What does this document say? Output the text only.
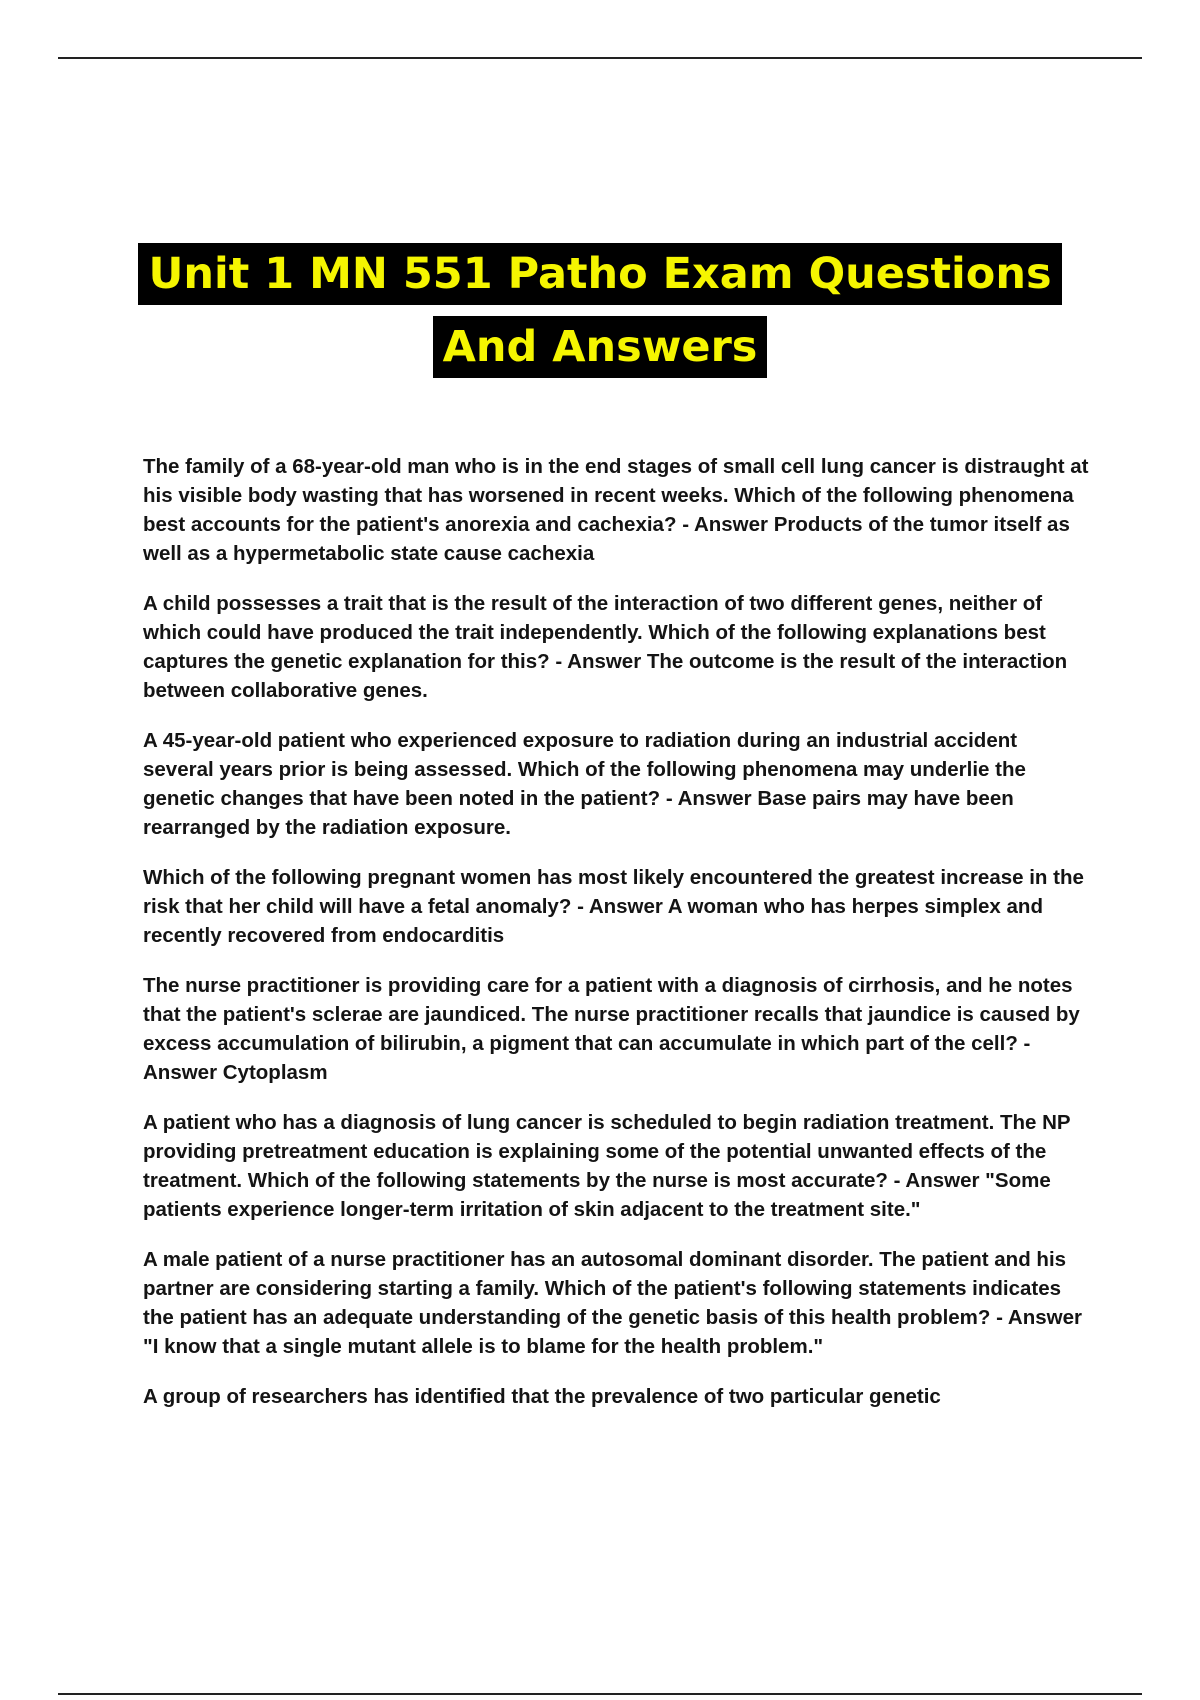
Unit 1 MN 551 Patho Exam Questions
And Answers

The family of a 68-year-old man who is in the end stages of small cell lung cancer is distraught at his visible body wasting that has worsened in recent weeks. Which of the following phenomena best accounts for the patient's anorexia and cachexia? - Answer Products of the tumor itself as well as a hypermetabolic state cause cachexia

A child possesses a trait that is the result of the interaction of two different genes, neither of which could have produced the trait independently. Which of the following explanations best captures the genetic explanation for this? - Answer The outcome is the result of the interaction between collaborative genes.

A 45-year-old patient who experienced exposure to radiation during an industrial accident several years prior is being assessed. Which of the following phenomena may underlie the genetic changes that have been noted in the patient? - Answer Base pairs may have been rearranged by the radiation exposure.

Which of the following pregnant women has most likely encountered the greatest increase in the risk that her child will have a fetal anomaly? - Answer A woman who has herpes simplex and recently recovered from endocarditis

The nurse practitioner is providing care for a patient with a diagnosis of cirrhosis, and he notes that the patient's sclerae are jaundiced. The nurse practitioner recalls that jaundice is caused by excess accumulation of bilirubin, a pigment that can accumulate in which part of the cell? - Answer Cytoplasm

A patient who has a diagnosis of lung cancer is scheduled to begin radiation treatment. The NP providing pretreatment education is explaining some of the potential unwanted effects of the treatment. Which of the following statements by the nurse is most accurate? - Answer "Some patients experience longer-term irritation of skin adjacent to the treatment site."

A male patient of a nurse practitioner has an autosomal dominant disorder. The patient and his partner are considering starting a family. Which of the patient's following statements indicates the patient has an adequate understanding of the genetic basis of this health problem? - Answer "I know that a single mutant allele is to blame for the health problem."

A group of researchers has identified that the prevalence of two particular genetic
